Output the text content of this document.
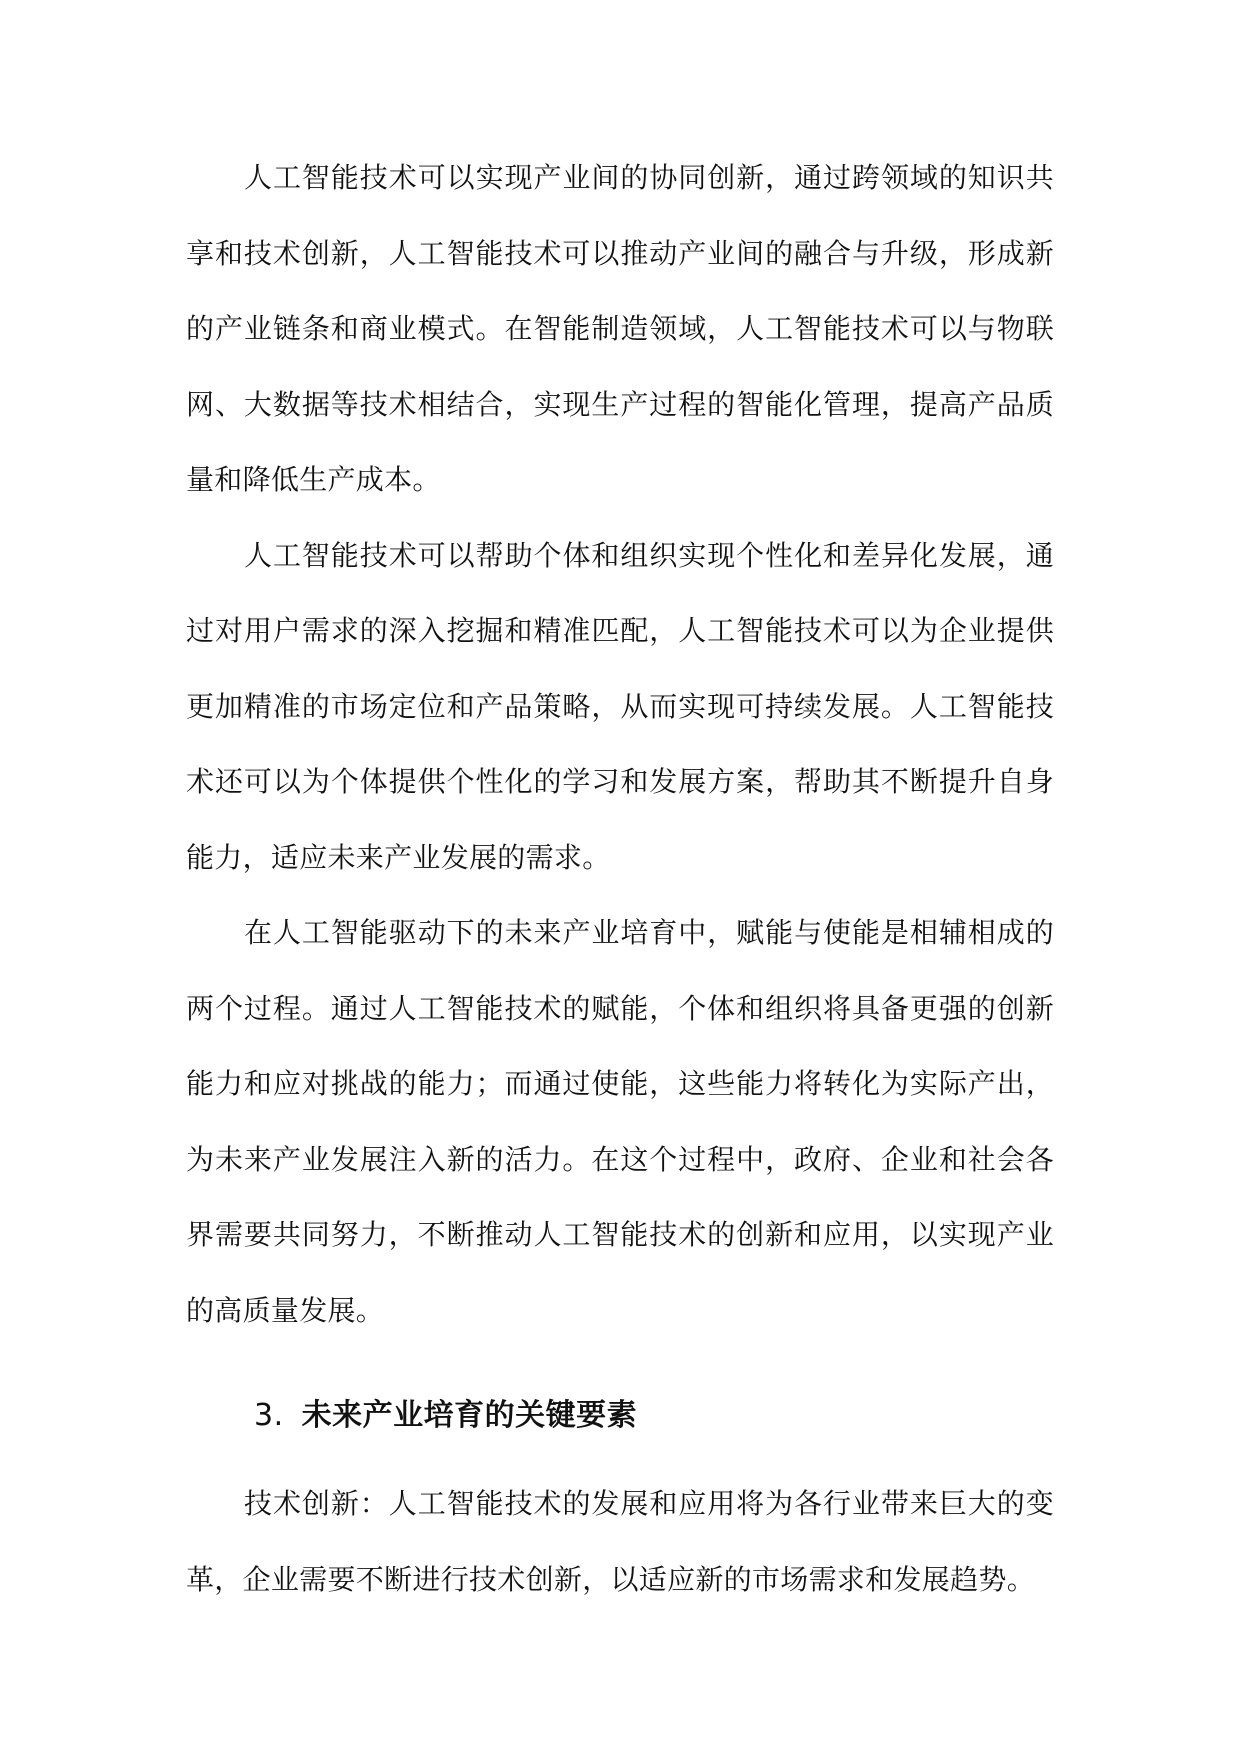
人工智能技术可以实现产业间的协同创新，通过跨领域的知识共享和技术创新，人工智能技术可以推动产业间的融合与升级，形成新的产业链条和商业模式。在智能制造领域，人工智能技术可以与物联网、大数据等技术相结合，实现生产过程的智能化管理，提高产品质量和降低生产成本。

人工智能技术可以帮助个体和组织实现个性化和差异化发展，通过对用户需求的深入挖掘和精准匹配，人工智能技术可以为企业提供更加精准的市场定位和产品策略，从而实现可持续发展。人工智能技术还可以为个体提供个性化的学习和发展方案，帮助其不断提升自身能力，适应未来产业发展的需求。

在人工智能驱动下的未来产业培育中，赋能与使能是相辅相成的两个过程。通过人工智能技术的赋能，个体和组织将具备更强的创新能力和应对挑战的能力；而通过使能，这些能力将转化为实际产出，为未来产业发展注入新的活力。在这个过程中，政府、企业和社会各界需要共同努力，不断推动人工智能技术的创新和应用，以实现产业的高质量发展。

3. 未来产业培育的关键要素

技术创新：人工智能技术的发展和应用将为各行业带来巨大的变革，企业需要不断进行技术创新，以适应新的市场需求和发展趋势。
